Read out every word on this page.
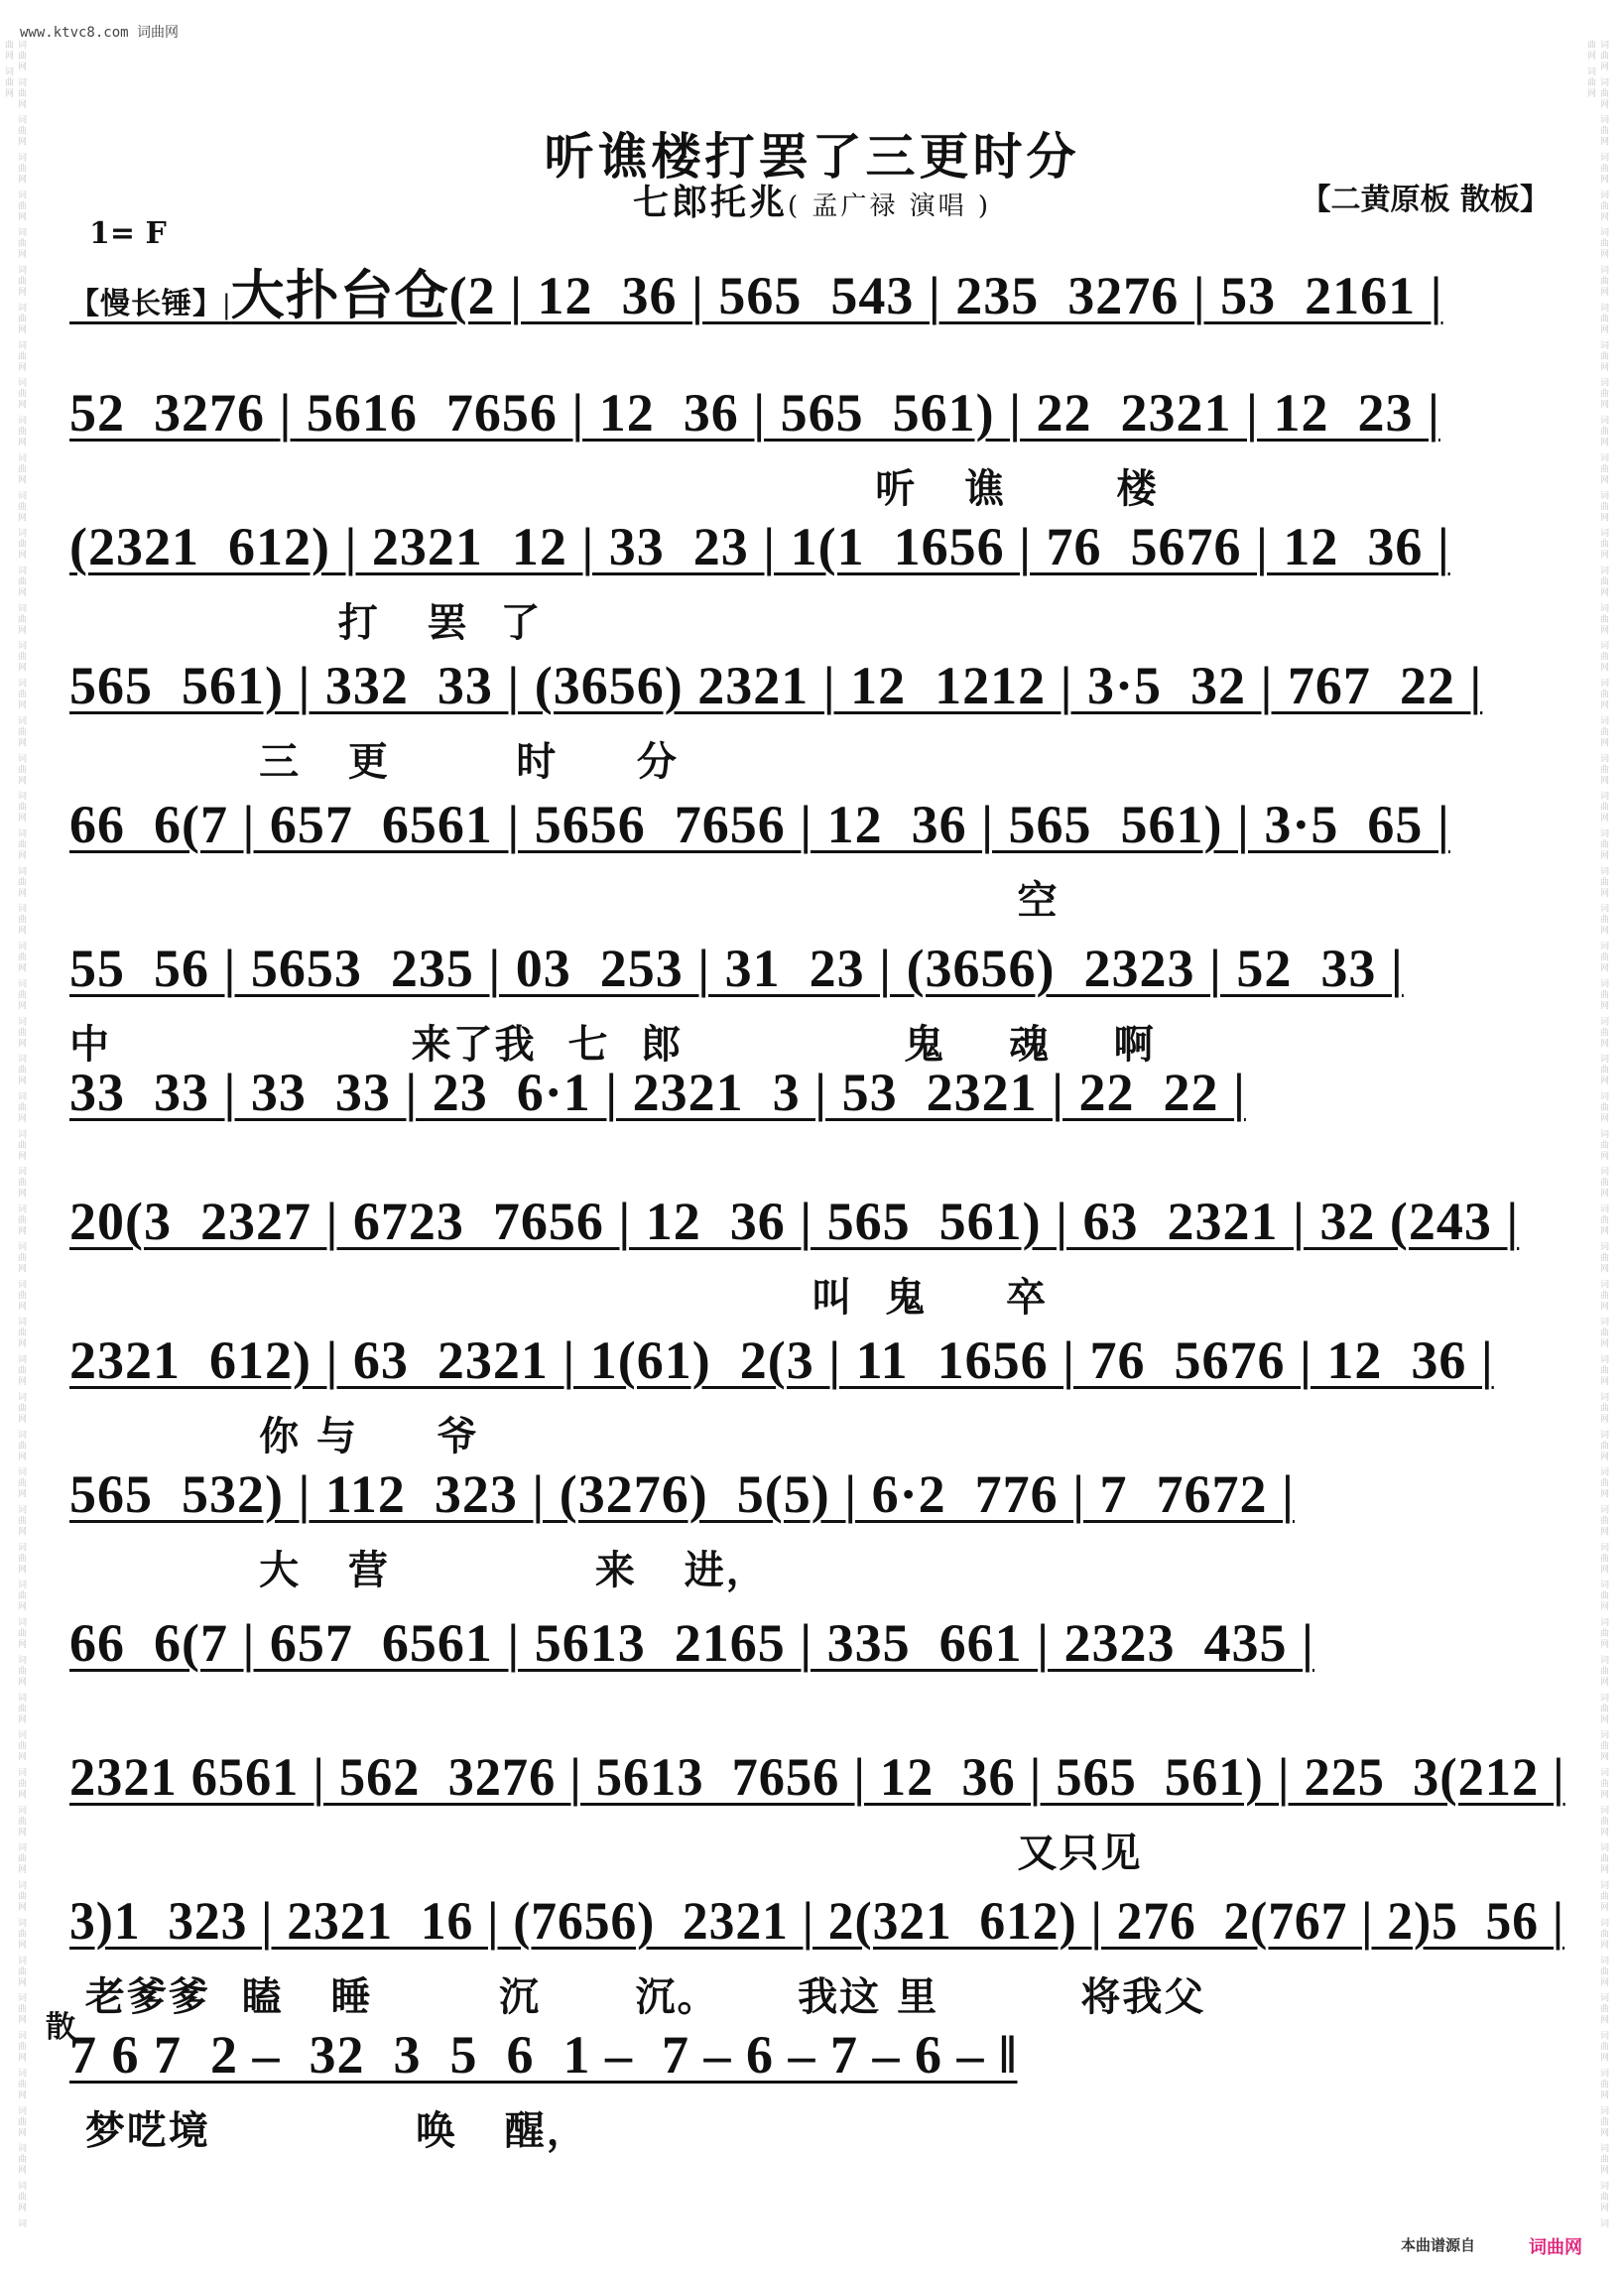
词曲网 词曲网 词曲网 词曲网 词曲网 词曲网 词曲网 词曲网 词曲网 词曲网 词曲网 词曲网 词曲网 词曲网 词曲网 词曲网 词曲网 词曲网 词曲网 词曲网 词曲网 词曲网 词曲网 词曲网 词曲网 词曲网 词曲网 词曲网 词曲网 词曲网 词曲网 词曲网 词曲网 词曲网 词曲网 词曲网 词曲网 词曲网 词曲网 词曲网 词曲网 词曲网 词曲网 词曲网 词曲网 词曲网 词曲网 词曲网 词曲网 词曲网 词曲网 词曲网 词曲网 词曲网 词曲网 词曲网 词曲网 词曲网 词曲网 词曲网	词曲网 词曲网 词曲网 词曲网 词曲网 词曲网 词曲网 词曲网 词曲网 词曲网 词曲网 词曲网 词曲网 词曲网 词曲网 词曲网 词曲网 词曲网 词曲网 词曲网 词曲网 词曲网 词曲网 词曲网 词曲网 词曲网 词曲网 词曲网 词曲网 词曲网 词曲网 词曲网 词曲网 词曲网 词曲网 词曲网 词曲网 词曲网 词曲网 词曲网 词曲网 词曲网 词曲网 词曲网 词曲网 词曲网 词曲网 词曲网 词曲网 词曲网 词曲网 词曲网 词曲网 词曲网 词曲网 词曲网 词曲网 词曲网 词曲网 词曲网
www.ktvc8.com 词曲网
听谯楼打罢了三更时分
七郎托兆( 孟广禄 演唱 )	【二黄原板 散板】
1= F
【慢长锤】|大扑台仓(2 | 12  36 | 565  543 | 235  3276 | 53  2161 |
52  3276 | 5616  7656 | 12  36 | 565  561) | 22  2321 | 12  23 |
听   谯       楼
(2321  612) | 2321  12 | 33  23 | 1(1  1656 | 76  5676 | 12  36 |
打   罢  了
565  561) | 332  33 | (3656) 2321 | 12  1212 | 3·5  32 | 767  22 |
三   更        时     分
66  6(7 | 657  6561 | 5656  7656 | 12  36 | 565  561) | 3·5  65 |
空
55  56 | 5653  235 | 03  253 | 31  23 | (3656)  2323 | 52  33 |
中                   来了我  七  郎              鬼    魂    啊
33  33 | 33  33 | 23  6·1 | 2321  3 | 53  2321 | 22  22 |
20(3  2327 | 6723  7656 | 12  36 | 565  561) | 63  2321 | 32 (243 |
叫  鬼     卒
2321  612) | 63  2321 | 1(61)  2(3 | 11  1656 | 76  5676 | 12  36 |
你 与     爷
565  532) | 112  323 | (3276)  5(5) | 6·2  776 | 7  7672 |
大   营             来   进，
66  6(7 | 657  6561 | 5613  2165 | 335  661 | 2323  435 |
2321 6561 | 562  3276 | 5613  7656 | 12  36 | 565  561) | 225  3(212 |
又只见
3)1  323 | 2321  16 | (7656)  2321 | 2(321  612) | 276  2(767 | 2)5  56 |
老爹爹  瞌   睡        沉      沉。     我这 里         将我父
7 6 7  2 –  32  3  5  6  1 –  7 – 6 – 7 – 6 – ‖
梦呓境             唤   醒，
散
本曲谱源自	词曲网
